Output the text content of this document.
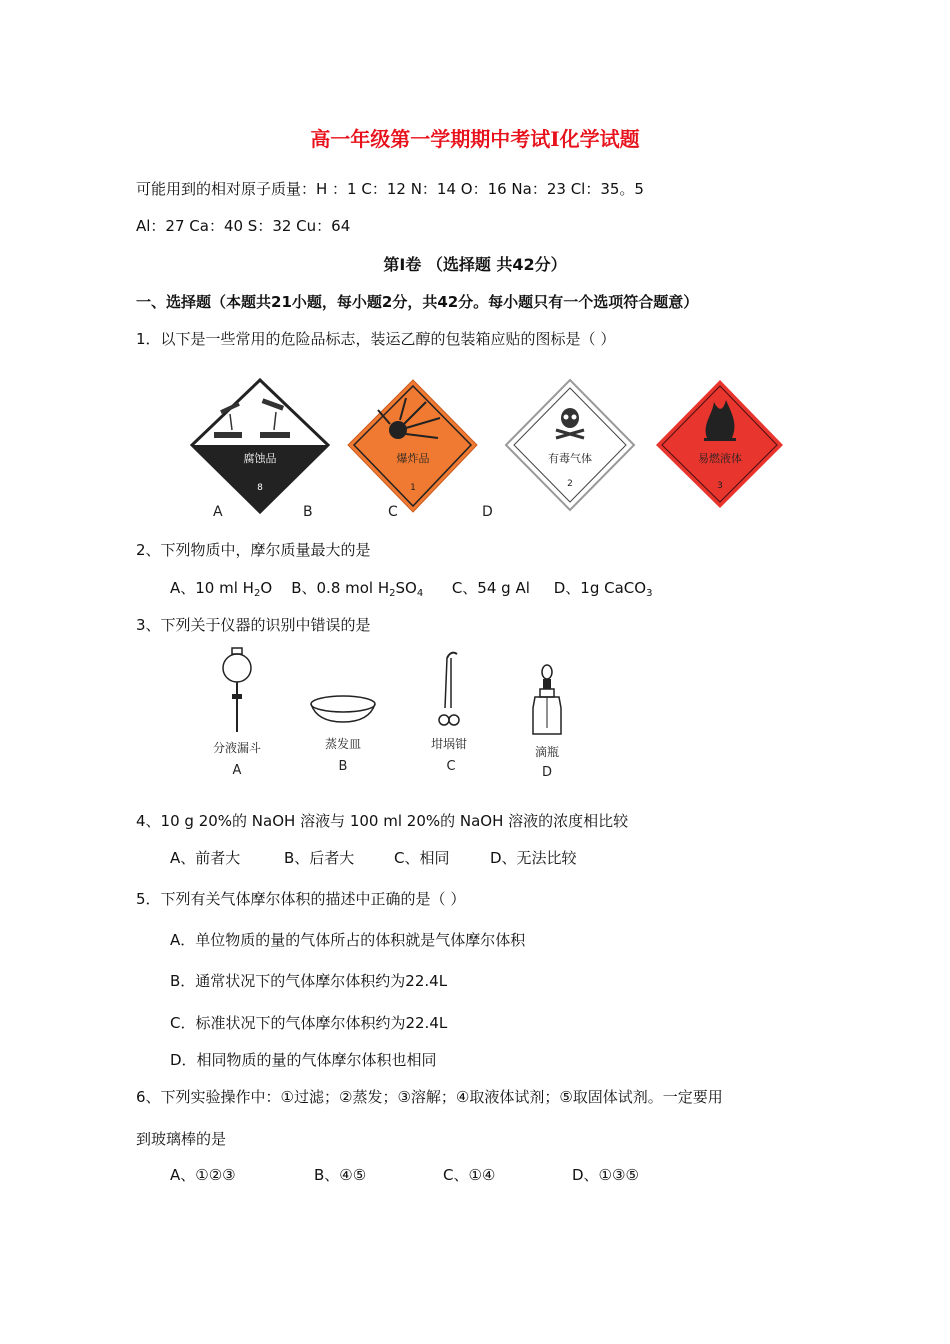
高一年级第一学期期中考试Ⅰ化学试题
可能用到的相对原子质量：H ：1 C：12 N：14 O：16 Na：23 Cl：35。5
Al：27 Ca：40 S：32 Cu：64
第Ⅰ卷 （选择题 共42分）
一、选择题（本题共21小题，每小题2分，共42分。每小题只有一个选项符合题意）
1．以下是一些常用的危险品标志，装运乙醇的包装箱应贴的图标是（ ）
腐蚀品
8
A
爆炸品
1
B
有毒气体
2
C
易燃液体
3
D
2、下列物质中，摩尔质量最大的是
A、10 ml $H_2O$ B、0.8 mol $H_2SO_4$ C、54 g Al D、1g CaCO$_3$
3、下列关于仪器的识别中错误的是
分液漏斗
A
蒸发皿
B
坩埚钳
C
滴瓶
D
4、10 g 20%的 NaOH 溶液与 100 ml 20%的 NaOH 溶液的浓度相比较
A、前者大	B、后者大	C、相同	D、无法比较
5．下列有关气体摩尔体积的描述中正确的是（ ）
A．单位物质的量的气体所占的体积就是气体摩尔体积
B．通常状况下的气体摩尔体积约为22.4L
C．标准状况下的气体摩尔体积约为22.4L
D．相同物质的量的气体摩尔体积也相同
6、下列实验操作中：①过滤；②蒸发；③溶解；④取液体试剂；⑤取固体试剂。一定要用
到玻璃棒的是
A、①②③	B、④⑤	C、①④	D、①③⑤
